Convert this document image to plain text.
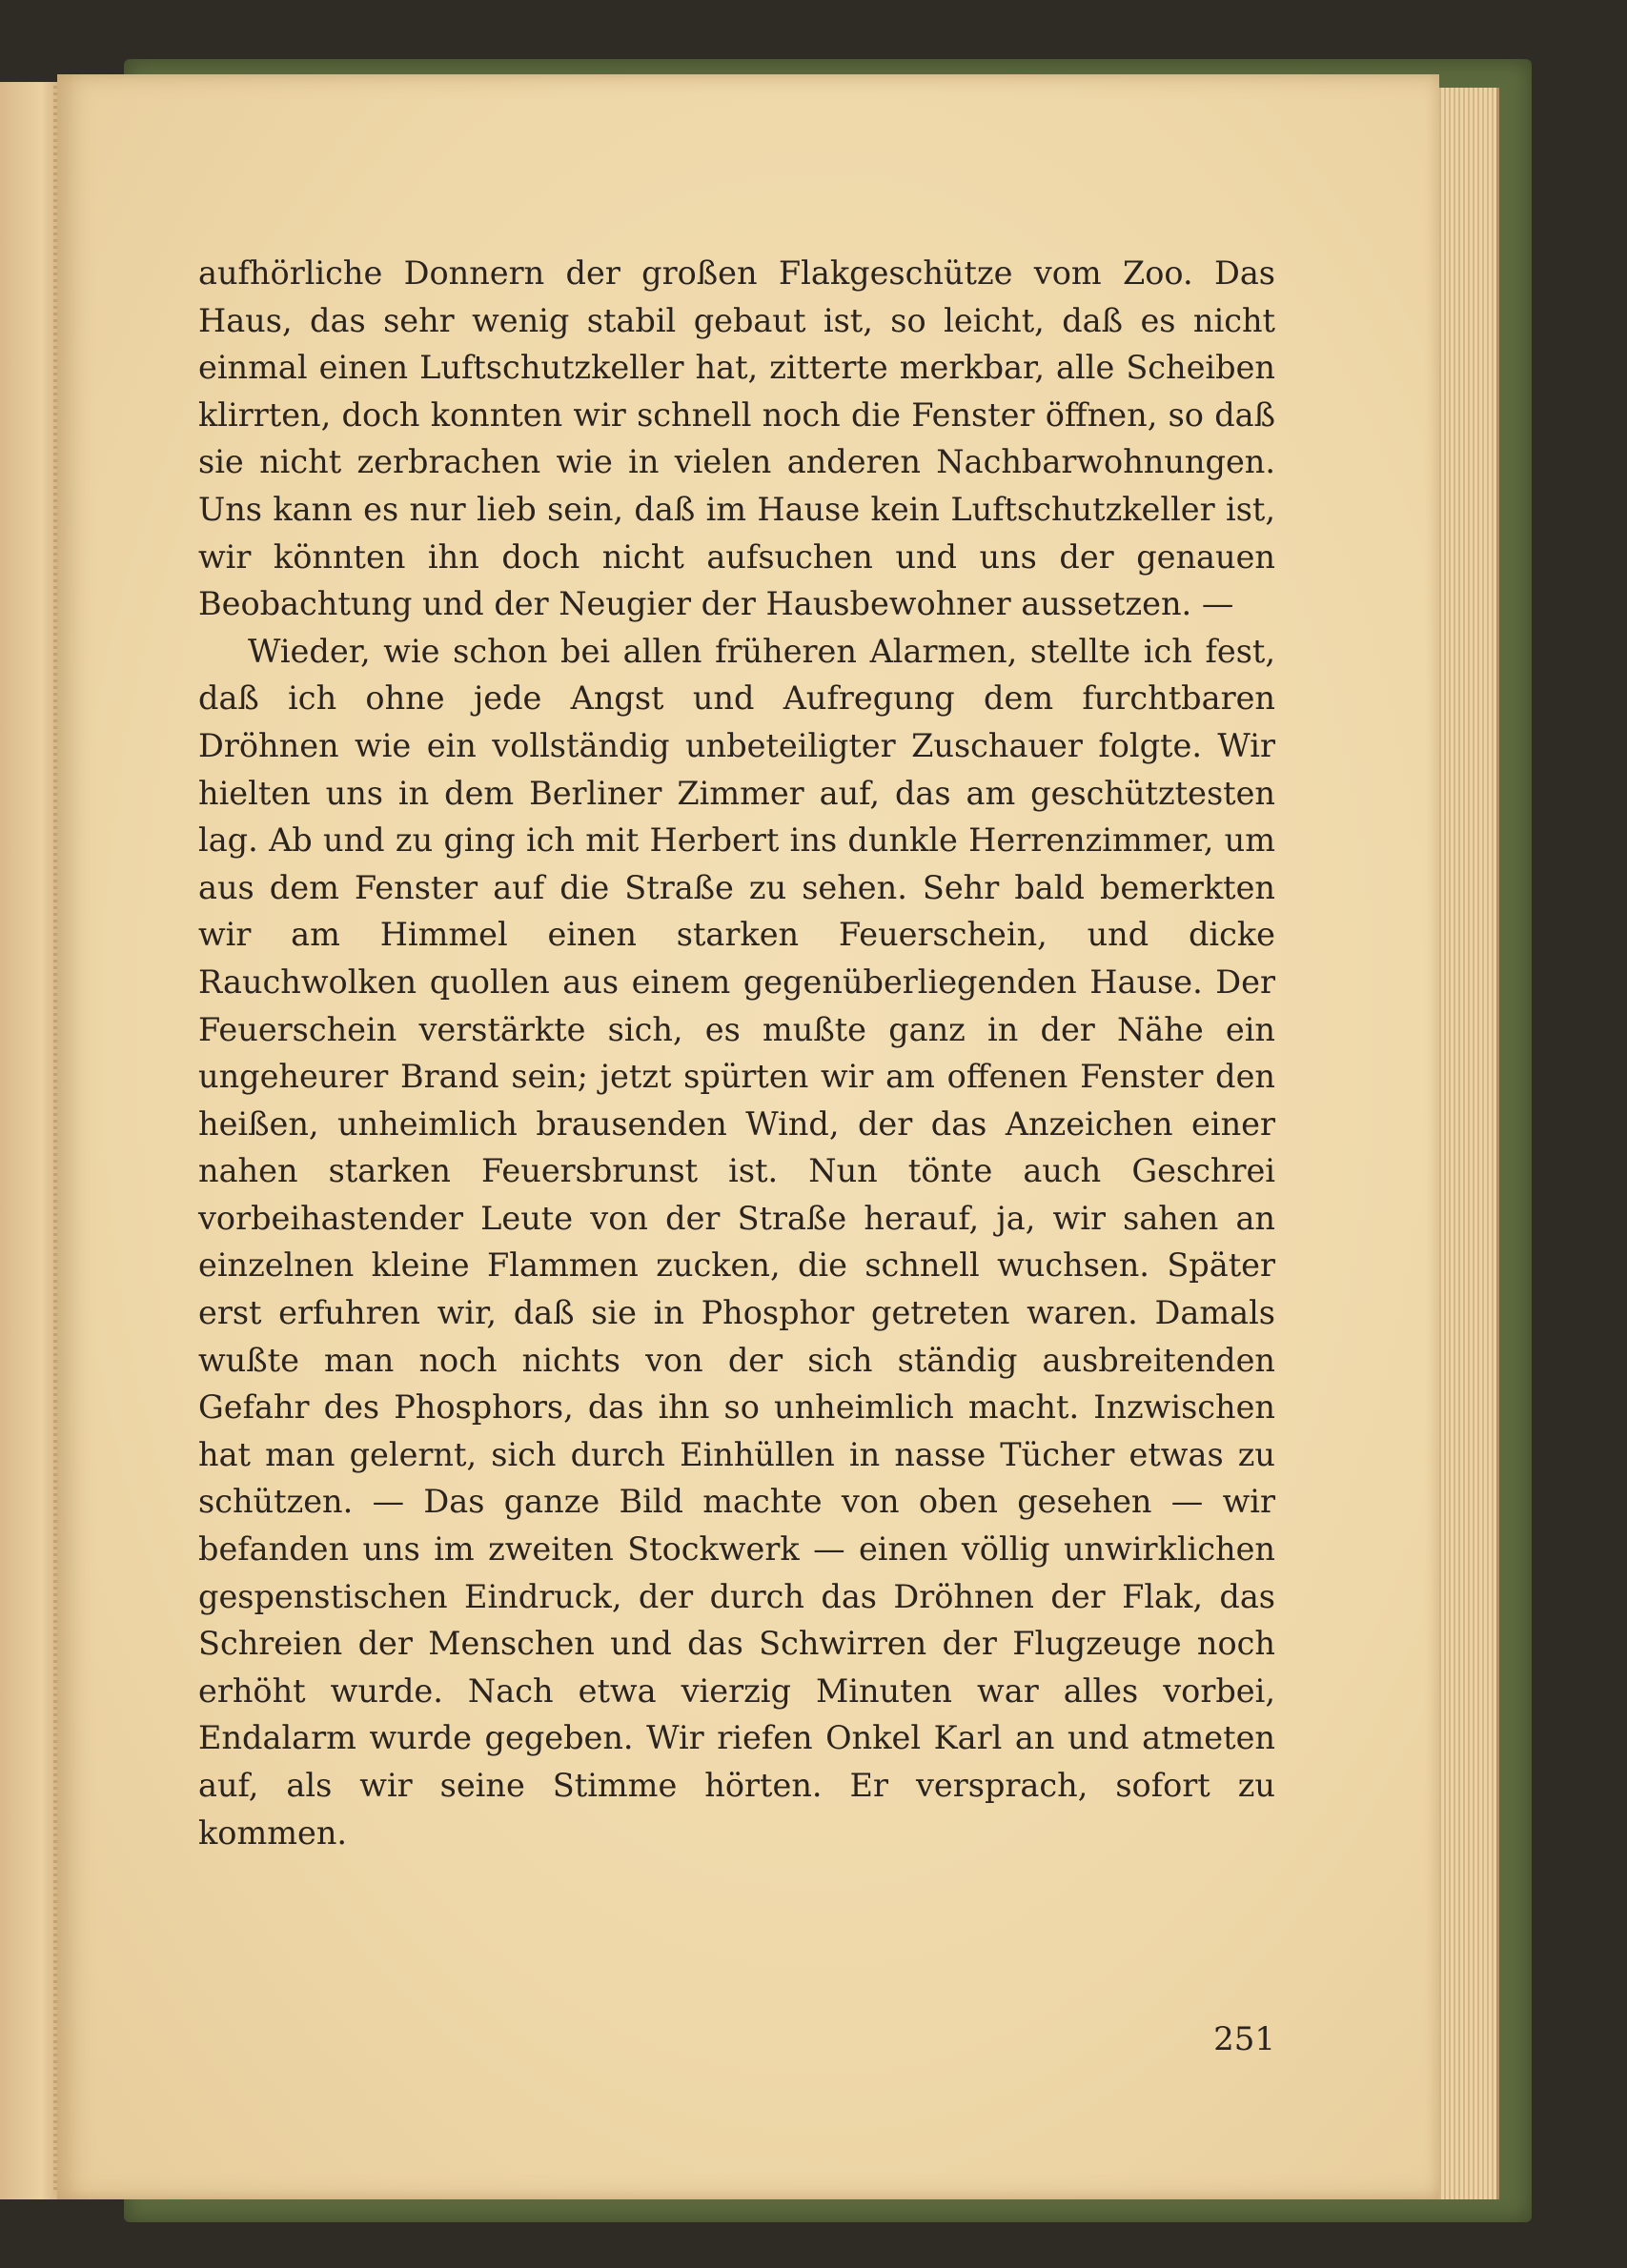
aufhörliche Donnern der großen Flakgeschütze vom Zoo. Das Haus, das sehr wenig stabil gebaut ist, so leicht, daß es nicht einmal einen Luftschutzkeller hat, zitterte merkbar, alle Scheiben klirrten, doch konnten wir schnell noch die Fenster öffnen, so daß sie nicht zerbrachen wie in vielen anderen Nachbarwohnungen. Uns kann es nur lieb sein, daß im Hause kein Luftschutzkeller ist, wir könnten ihn doch nicht aufsuchen und uns der genauen Beobachtung und der Neugier der Hausbewohner aussetzen. —

Wieder, wie schon bei allen früheren Alarmen, stellte ich fest, daß ich ohne jede Angst und Aufregung dem furchtbaren Dröhnen wie ein vollständig unbeteiligter Zuschauer folgte. Wir hielten uns in dem Berliner Zimmer auf, das am geschütztesten lag. Ab und zu ging ich mit Herbert ins dunkle Herrenzimmer, um aus dem Fenster auf die Straße zu sehen. Sehr bald bemerkten wir am Himmel einen starken Feuerschein, und dicke Rauchwolken quollen aus einem gegenüberliegenden Hause. Der Feuerschein verstärkte sich, es mußte ganz in der Nähe ein ungeheurer Brand sein; jetzt spürten wir am offenen Fenster den heißen, unheimlich brausenden Wind, der das Anzeichen einer nahen starken Feuersbrunst ist. Nun tönte auch Geschrei vorbeihastender Leute von der Straße herauf, ja, wir sahen an einzelnen kleine Flammen zucken, die schnell wuchsen. Später erst erfuhren wir, daß sie in Phosphor getreten waren. Damals wußte man noch nichts von der sich ständig ausbreitenden Gefahr des Phosphors, das ihn so unheimlich macht. Inzwischen hat man gelernt, sich durch Einhüllen in nasse Tücher etwas zu schützen. — Das ganze Bild machte von oben gesehen — wir befanden uns im zweiten Stockwerk — einen völlig unwirklichen gespenstischen Eindruck, der durch das Dröhnen der Flak, das Schreien der Menschen und das Schwirren der Flugzeuge noch erhöht wurde. Nach etwa vierzig Minuten war alles vorbei, Endalarm wurde gegeben. Wir riefen Onkel Karl an und atmeten auf, als wir seine Stimme hörten. Er versprach, sofort zu kommen.

251
